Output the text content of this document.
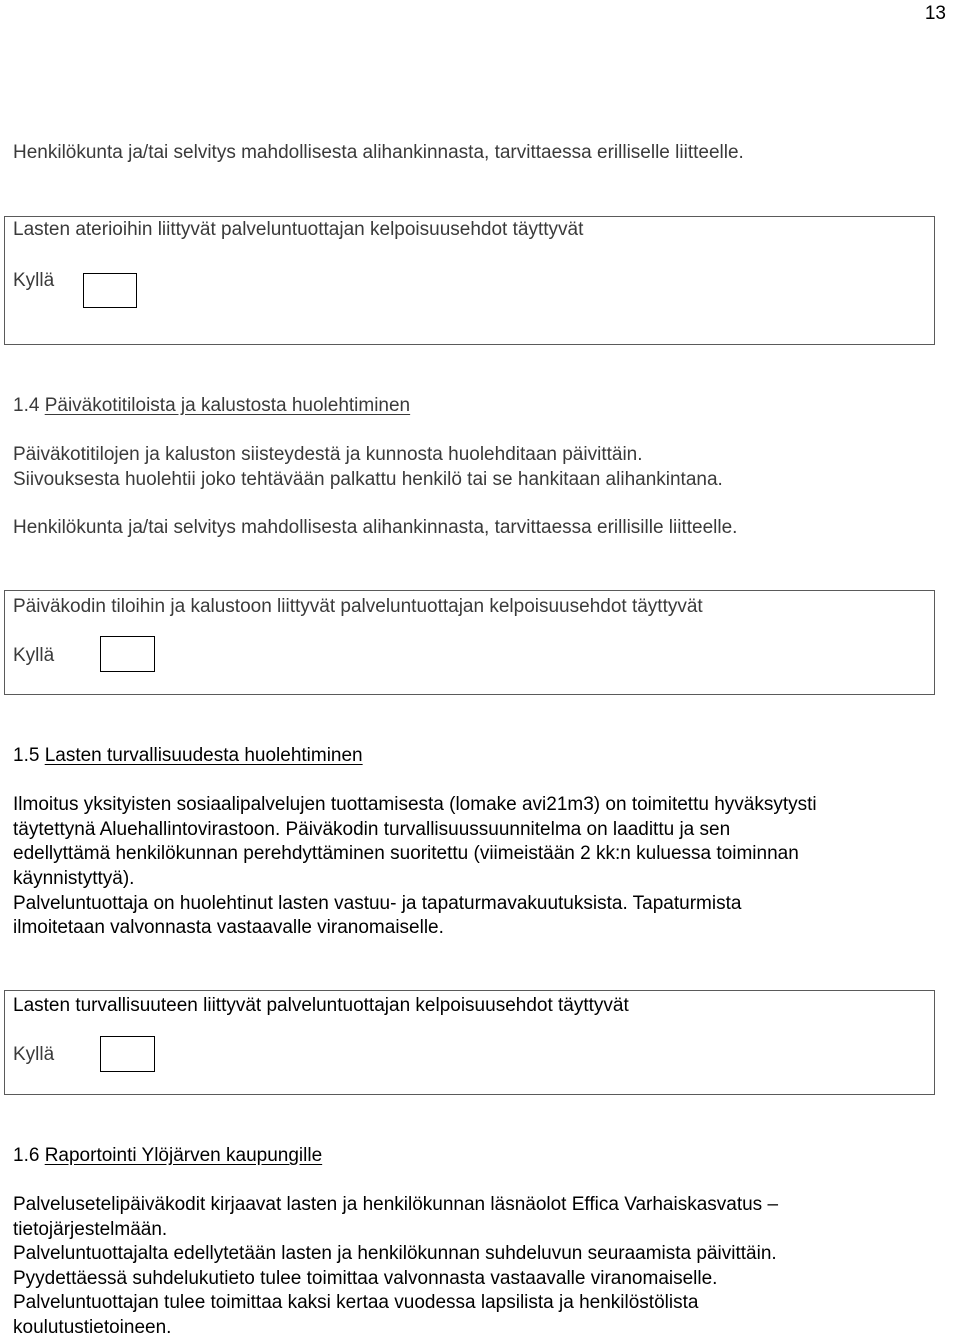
13
Henkilökunta ja/tai selvitys mahdollisesta alihankinnasta, tarvittaessa erilliselle liitteelle.
Lasten aterioihin liittyvät palveluntuottajan kelpoisuusehdot täyttyvät
Kyllä
1.4 Päiväkotitiloista ja kalustosta huolehtiminen
Päiväkotitilojen ja kaluston siisteydestä ja kunnosta huolehditaan päivittäin.
Siivouksesta huolehtii joko tehtävään palkattu henkilö tai se hankitaan alihankintana.
Henkilökunta ja/tai selvitys mahdollisesta alihankinnasta, tarvittaessa erillisille liitteelle.
Päiväkodin tiloihin ja kalustoon liittyvät palveluntuottajan kelpoisuusehdot täyttyvät
Kyllä
1.5 Lasten turvallisuudesta huolehtiminen
Ilmoitus yksityisten sosiaalipalvelujen tuottamisesta (lomake avi21m3) on toimitettu hyväksytysti
täytettynä Aluehallintovirastoon. Päiväkodin turvallisuussuunnitelma on laadittu ja sen
edellyttämä henkilökunnan perehdyttäminen suoritettu (viimeistään 2 kk:n kuluessa toiminnan
käynnistyttyä).
Palveluntuottaja on huolehtinut lasten vastuu- ja tapaturmavakuutuksista. Tapaturmista
ilmoitetaan valvonnasta vastaavalle viranomaiselle.
Lasten turvallisuuteen liittyvät palveluntuottajan kelpoisuusehdot täyttyvät
Kyllä
1.6 Raportointi Ylöjärven kaupungille
Palvelusetelipäiväkodit kirjaavat lasten ja henkilökunnan läsnäolot Effica Varhaiskasvatus –
tietojärjestelmään.
Palveluntuottajalta edellytetään lasten ja henkilökunnan suhdeluvun seuraamista päivittäin.
Pyydettäessä suhdelukutieto tulee toimittaa valvonnasta vastaavalle viranomaiselle.
Palveluntuottajan tulee toimittaa kaksi kertaa vuodessa lapsilista ja henkilöstölista
koulutustietoineen.
